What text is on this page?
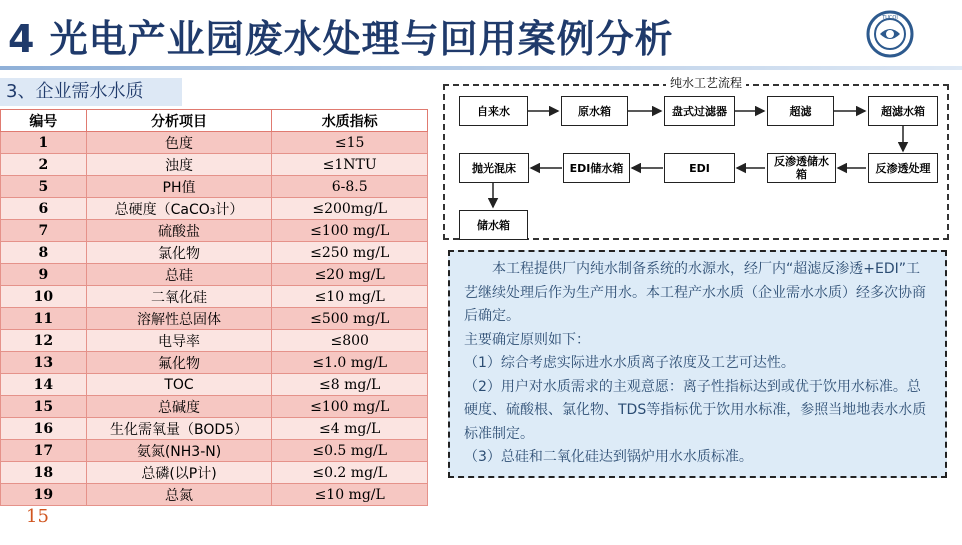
4 光电产业园废水处理与回用案例分析	TUCOI
3、企业需水水质
编号	分析项目	水质指标
1	色度	≤15
2	浊度	≤1NTU
5	PH值	6-8.5
6	总硬度（CaCO₃计）	≤200mg/L
7	硫酸盐	≤100 mg/L
8	氯化物	≤250 mg/L
9	总硅	≤20 mg/L
10	二氧化硅	≤10 mg/L
11	溶解性总固体	≤500 mg/L
12	电导率	≤800
13	氟化物	≤1.0 mg/L
14	TOC	≤8 mg/L
15	总碱度	≤100 mg/L
16	生化需氧量（BOD5）	≤4 mg/L
17	氨氮(NH3-N)	≤0.5 mg/L
18	总磷(以P计)	≤0.2 mg/L
19	总氮	≤10 mg/L
15
纯水工艺流程
自来水	原水箱	盘式过滤器	超滤	超滤水箱
反渗透处理
反渗透储水箱
EDI
EDI储水箱
抛光混床
储水箱

本工程提供厂内纯水制备系统的水源水，经厂内“超滤反渗透+EDI”工艺继续处理后作为生产用水。本工程产水水质（企业需水水质）经多次协商后确定。

主要确定原则如下：

（1）综合考虑实际进水水质离子浓度及工艺可达性。

（2）用户对水质需求的主观意愿：离子性指标达到或优于饮用水标准。总硬度、硫酸根、氯化物、TDS等指标优于饮用水标准，参照当地地表水水质标准制定。

（3）总硅和二氧化硅达到锅炉用水水质标准。
